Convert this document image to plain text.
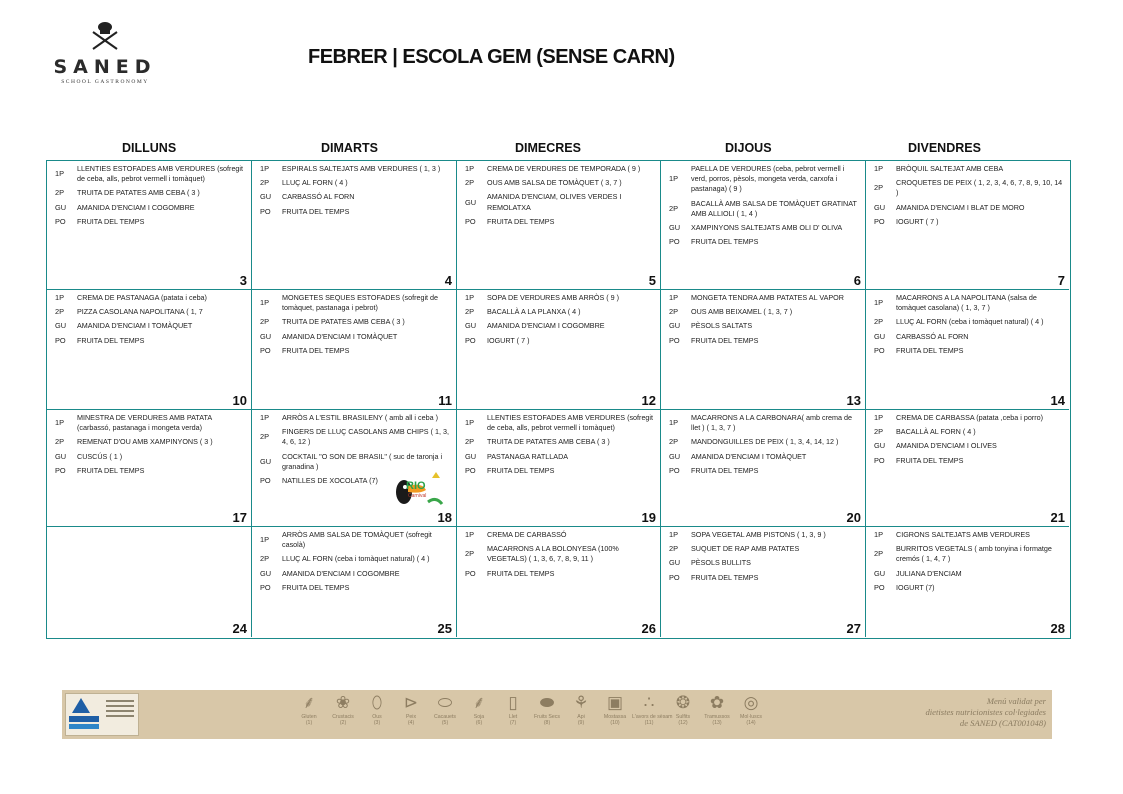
SANED
SCHOOL GASTRONOMY
FEBRER | ESCOLA GEM (SENSE CARN)
DILLUNS	DIMARTS	DIMECRES	DIJOUS	DIVENDRES
1P
LLENTIES ESTOFADES AMB VERDURES (sofregit de ceba, alls, pebrot vermell i tomàquet)
2P	TRUITA DE PATATES AMB CEBA ( 3 )
GU	AMANIDA D'ENCIAM I COGOMBRE
PO	FRUITA DEL TEMPS
3
1P	ESPIRALS SALTEJATS AMB VERDURES ( 1, 3 )
2P	LLUÇ AL FORN ( 4 )
GU	CARBASSÓ AL FORN
PO	FRUITA DEL TEMPS
4
1P	CREMA DE VERDURES DE TEMPORADA ( 9 )
2P	OUS AMB SALSA DE TOMÀQUET ( 3, 7 )
GU
AMANIDA D'ENCIAM, OLIVES VERDES I REMOLATXA
PO	FRUITA DEL TEMPS
5
1P
PAELLA DE VERDURES (ceba, pebrot vermell i verd, porros, pèsols, mongeta verda, carxofa i pastanaga) ( 9 )
2P
BACALLÀ AMB SALSA DE TOMÀQUET GRATINAT AMB ALLIOLI ( 1, 4 )
GU	XAMPINYONS SALTEJATS AMB OLI D' OLIVA
PO	FRUITA DEL TEMPS
6
1P	BRÒQUIL SALTEJAT AMB CEBA
2P
CROQUETES DE PEIX ( 1, 2, 3, 4, 6, 7, 8, 9, 10, 14 )
GU	AMANIDA D'ENCIAM I BLAT DE MORO
PO	IOGURT ( 7 )
7
1P	CREMA DE PASTANAGA (patata i ceba)
2P	PIZZA CASOLANA NAPOLITANA ( 1, 7
GU	AMANIDA D'ENCIAM I TOMÀQUET
PO	FRUITA DEL TEMPS
10
1P
MONGETES SEQUES ESTOFADES (sofregit de tomàquet, pastanaga i pebrot)
2P	TRUITA DE PATATES AMB CEBA ( 3 )
GU	AMANIDA D'ENCIAM I TOMÀQUET
PO	FRUITA DEL TEMPS
11
1P	SOPA DE VERDURES AMB ARRÒS ( 9 )
2P	BACALLÀ A LA PLANXA ( 4 )
GU	AMANIDA D'ENCIAM I COGOMBRE
PO	IOGURT ( 7 )
12
1P	MONGETA TENDRA AMB PATATES AL VAPOR
2P	OUS AMB BEIXAMEL ( 1, 3, 7 )
GU	PÈSOLS SALTATS
PO	FRUITA DEL TEMPS
13
1P
MACARRONS A LA NAPOLITANA (salsa de tomàquet casolana) ( 1, 3, 7 )
2P	LLUÇ AL FORN (ceba i tomàquet natural) ( 4 )
GU	CARBASSÓ AL FORN
PO	FRUITA DEL TEMPS
14
1P
MINESTRA DE VERDURES AMB PATATA (carbassó, pastanaga i mongeta verda)
2P	REMENAT D'OU AMB XAMPINYONS ( 3 )
GU	CUSCÚS ( 1 )
PO	FRUITA DEL TEMPS
17
1P	ARRÒS A L'ESTIL BRASILENY ( amb all i ceba )
2P
FINGERS DE LLUÇ CASOLANS AMB CHIPS ( 1, 3, 4, 6, 12 )
GU
COCKTAIL "O SON DE BRASIL" ( suc de taronja i granadina )
PO	NATILLES DE XOCOLATA (7)	RIO
Carnival
18
1P
LLENTIES ESTOFADES AMB VERDURES (sofregit de ceba, alls, pebrot vermell i tomàquet)
2P	TRUITA DE PATATES AMB CEBA ( 3 )
GU	PASTANAGA RATLLADA
PO	FRUITA DEL TEMPS
19
1P
MACARRONS A LA CARBONARA( amb crema de llet ) ( 1, 3, 7 )
2P	MANDONGUILLES DE PEIX ( 1, 3, 4, 14, 12 )
GU	AMANIDA D'ENCIAM I TOMÀQUET
PO	FRUITA DEL TEMPS
20
1P	CREMA DE CARBASSA (patata ,ceba i porro)
2P	BACALLÀ AL FORN ( 4 )
GU	AMANIDA D'ENCIAM I OLIVES
PO	FRUITA DEL TEMPS
21
24
1P
ARRÒS AMB SALSA DE TOMÀQUET (sofregit casolà)
2P	LLUÇ AL FORN (ceba i tomàquet natural) ( 4 )
GU	AMANIDA D'ENCIAM I COGOMBRE
PO	FRUITA DEL TEMPS
25
1P	CREMA DE CARBASSÓ
2P
MACARRONS A LA BOLONYESA (100% VEGETALS) ( 1, 3, 6, 7, 8, 9, 11 )
PO	FRUITA DEL TEMPS
26
1P	SOPA VEGETAL AMB PISTONS ( 1, 3, 9 )
2P	SUQUET DE RAP AMB PATATES
GU	PÈSOLS BULLITS
PO	FRUITA DEL TEMPS
27
1P	CIGRONS SALTEJATS AMB VERDURES
2P
BURRITOS VEGETALS ( amb tonyina i formatge cremós ( 1, 4, 7 )
GU	JULIANA D'ENCIAM
PO	IOGURT (7)
28
⸙
Gluten
(1)
❀
Crustacis
(2)
⬯
Ous
(3)
⊳
Peix
(4)
⬭
Cacauets
(5)
⸙
Soja
(6)
▯
Llet
(7)
⬬
Fruits Secs
(8)
⚘
Api
(9)
▣
Mostassa
(10)
∴
L'avors de sèsam
(11)
❂
Sulfits
(12)
✿
Tramussos
(13)
◎
Mol·luscs
(14)
Menú validat per
dietistes nutricionistes col·legiades
de SANED (CAT001048)
